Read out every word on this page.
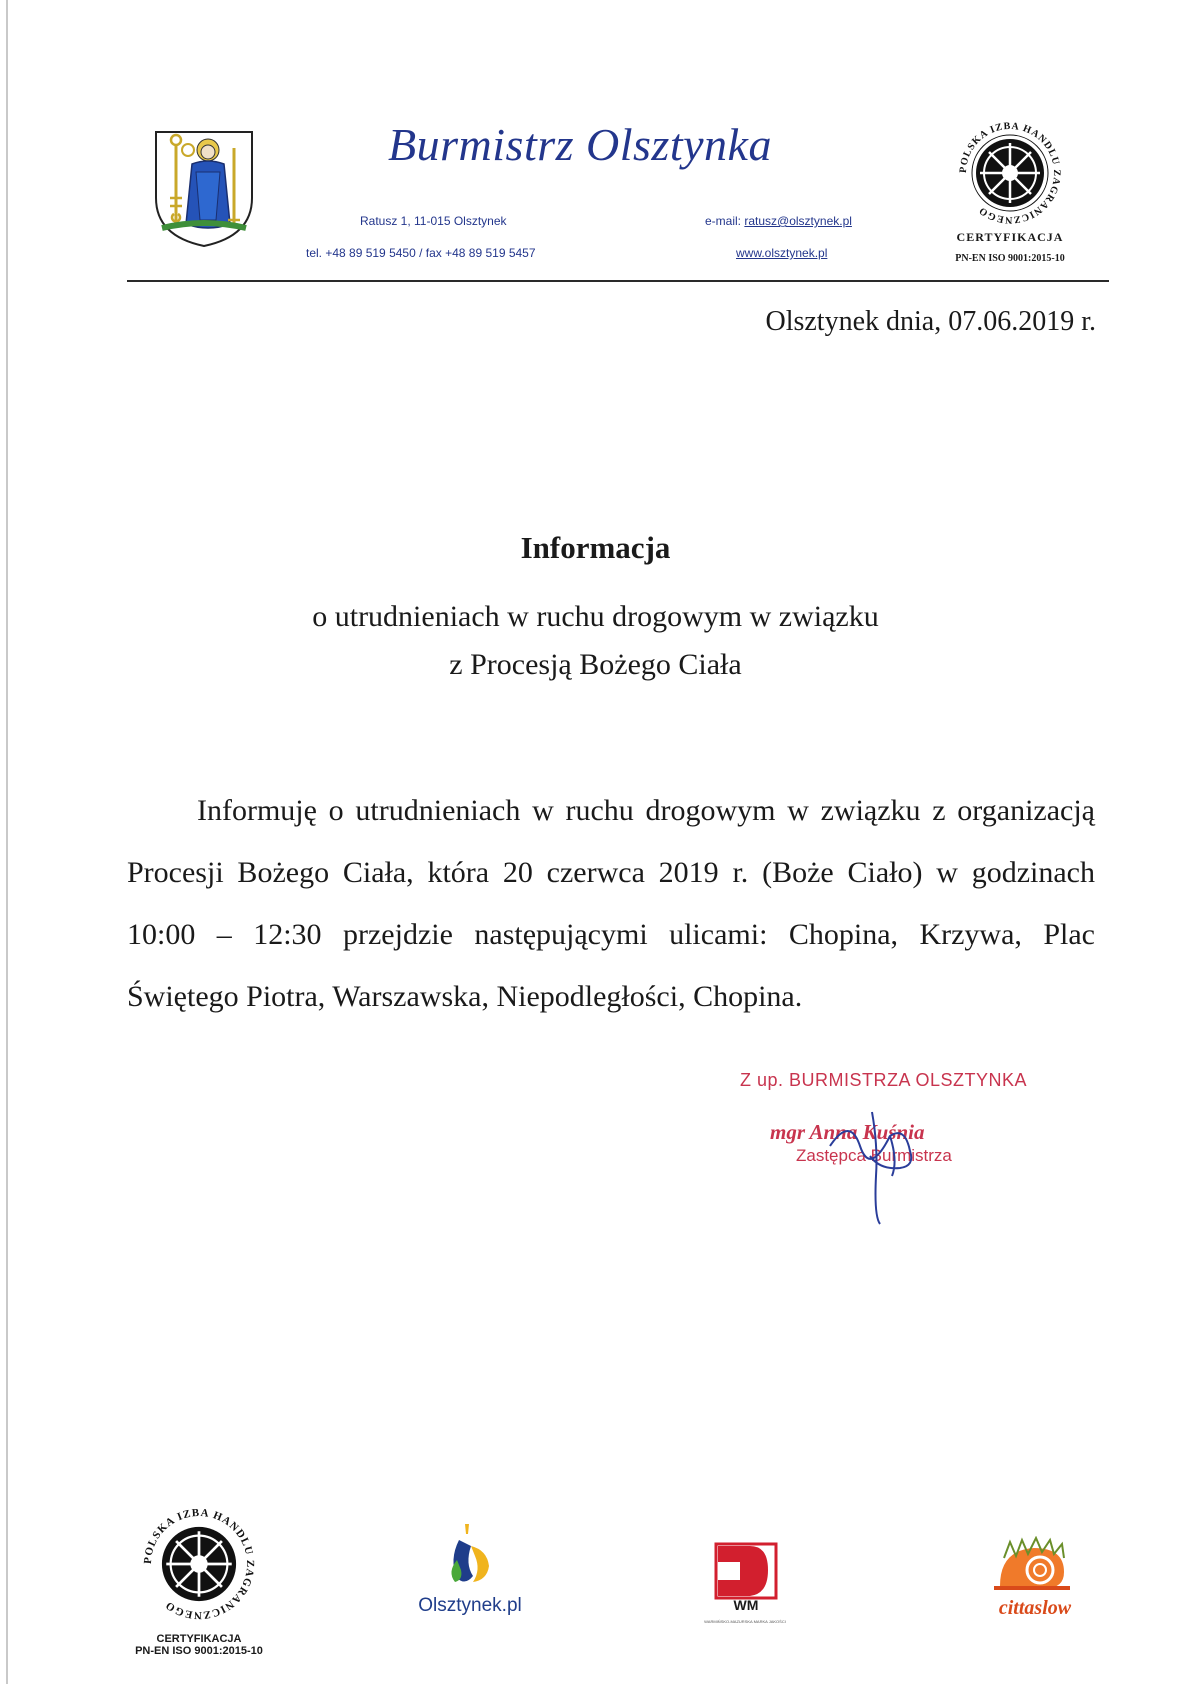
Burmistrz Olsztynka
Ratusz 1, 11-015 Olsztynek
tel. +48 89 519 5450 / fax +48 89 519 5457
e-mail: ratusz@olsztynek.pl
www.olsztynek.pl
POLSKA IZBA HANDLU ZAGRANICZNEGO
CERTYFIKACJA
PN-EN ISO 9001:2015-10
Olsztynek dnia, 07.06.2019 r.
Informacja
o utrudnieniach w ruchu drogowym w związku
z Procesją Bożego Ciała

Informuję o utrudnieniach w ruchu drogowym w związku z organizacją Procesji Bożego Ciała, która 20 czerwca 2019 r. (Boże Ciało) w godzinach 10:00 – 12:30 przejdzie następującymi ulicami: Chopina, Krzywa, Plac Świętego Piotra, Warszawska, Niepodległości, Chopina.

Z up. BURMISTRZA OLSZTYNKA
mgr Anna Kuśnia
Zastępca Burmistrza
POLSKA IZBA HANDLU ZAGRANICZNEGO
CERTYFIKACJA
PN-EN ISO 9001:2015-10
Olsztynek.pl	WM
WARMIŃSKO-MAZURSKA MARKA JAKOŚCI
cittaslow
